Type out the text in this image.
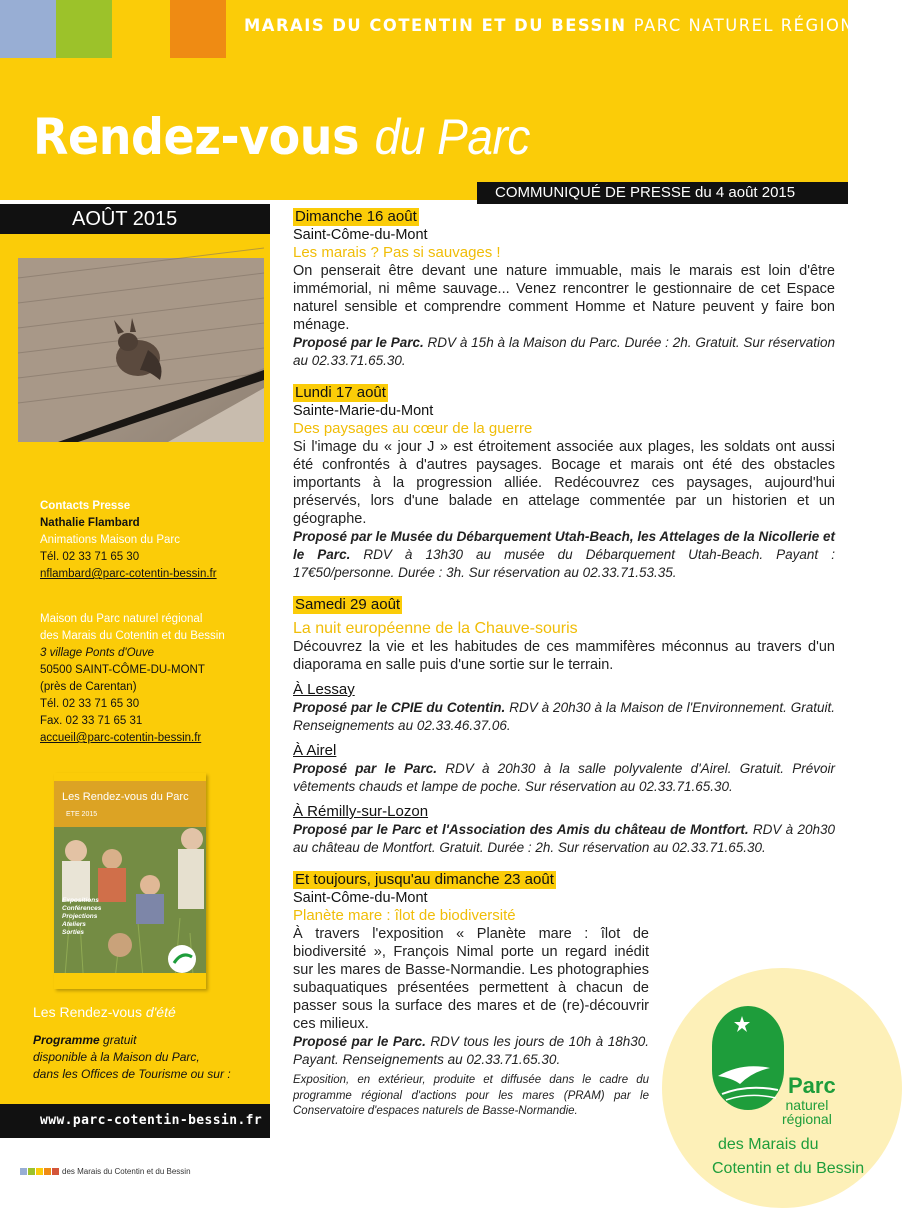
MARAIS DU COTENTIN ET DU BESSIN PARC NATUREL RÉGIONAL
Rendez-vous du Parc
COMMUNIQUÉ DE PRESSE du 4 août 2015
AOÛT 2015
Contacts Presse
Nathalie Flambard
Animations Maison du Parc
Tél. 02 33 71 65 30
nflambard@parc-cotentin-bessin.fr
Maison du Parc naturel régional
des Marais du Cotentin et du Bessin
3 village Ponts d'Ouve
50500 SAINT-CÔME-DU-MONT
(près de Carentan)
Tél. 02 33 71 65 30
Fax. 02 33 71 65 31
accueil@parc-cotentin-bessin.fr
Les Rendez-vous du Parc
ETE 2015
Expositions
Conférences
Projections
Ateliers
Sorties
Les Rendez-vous d'été
Programme gratuit
disponible à la Maison du Parc,
dans les Offices de Tourisme ou sur :
www.parc-cotentin-bessin.fr
des Marais du Cotentin et du Bessin
Dimanche 16 août
Saint-Côme-du-Mont
Les marais ? Pas si sauvages !
On penserait être devant une nature immuable, mais le marais est loin d'être immémorial, ni même sauvage... Venez rencontrer le gestionnaire de cet Espace naturel sensible et comprendre comment Homme et Nature peuvent y faire bon ménage.
Proposé par le Parc. RDV à 15h à la Maison du Parc. Durée : 2h. Gratuit. Sur réservation au 02.33.71.65.30.
Lundi 17 août
Sainte-Marie-du-Mont
Des paysages au cœur de la guerre
Si l'image du « jour J » est étroitement associée aux plages, les soldats ont aussi été confrontés à d'autres paysages. Bocage et marais ont été des obstacles importants à la progression alliée. Redécouvrez ces paysages, aujourd'hui préservés, lors d'une balade en attelage commentée par un historien et un géographe.
Proposé par le Musée du Débarquement Utah-Beach, les Attelages de la Nicollerie et le Parc. RDV à 13h30 au musée du Débarquement Utah-Beach. Payant : 17€50/personne. Durée : 3h. Sur réservation au 02.33.71.53.35.
Samedi 29 août
La nuit européenne de la Chauve-souris
Découvrez la vie et les habitudes de ces mammifères méconnus au travers d'un diaporama en salle puis d'une sortie sur le terrain.
À Lessay
Proposé par le CPIE du Cotentin. RDV à 20h30 à la Maison de l'Environnement. Gratuit. Renseignements au 02.33.46.37.06.
À Airel
Proposé par le Parc. RDV à 20h30 à la salle polyvalente d'Airel. Gratuit. Prévoir vêtements chauds et lampe de poche. Sur réservation au 02.33.71.65.30.
À Rémilly-sur-Lozon
Proposé par le Parc et l'Association des Amis du château de Montfort. RDV à 20h30 au château de Montfort. Gratuit. Durée : 2h. Sur réservation au 02.33.71.65.30.
Et toujours, jusqu'au dimanche 23 août
Saint-Côme-du-Mont
Planète mare : îlot de biodiversité
À travers l'exposition « Planète mare : îlot de biodiversité », François Nimal porte un regard inédit sur les mares de Basse-Normandie. Les photographies subaquatiques présentées permettent à chacun de passer sous la surface des mares et de (re)-découvrir ces milieux.
Proposé par le Parc. RDV tous les jours de 10h à 18h30. Payant. Renseignements au 02.33.71.65.30.
Exposition, en extérieur, produite et diffusée dans le cadre du programme régional d'actions pour les mares (PRAM) par le Conservatoire d'espaces naturels de Basse-Normandie.
Parc
naturel
régional
des Marais du
Cotentin et du Bessin
